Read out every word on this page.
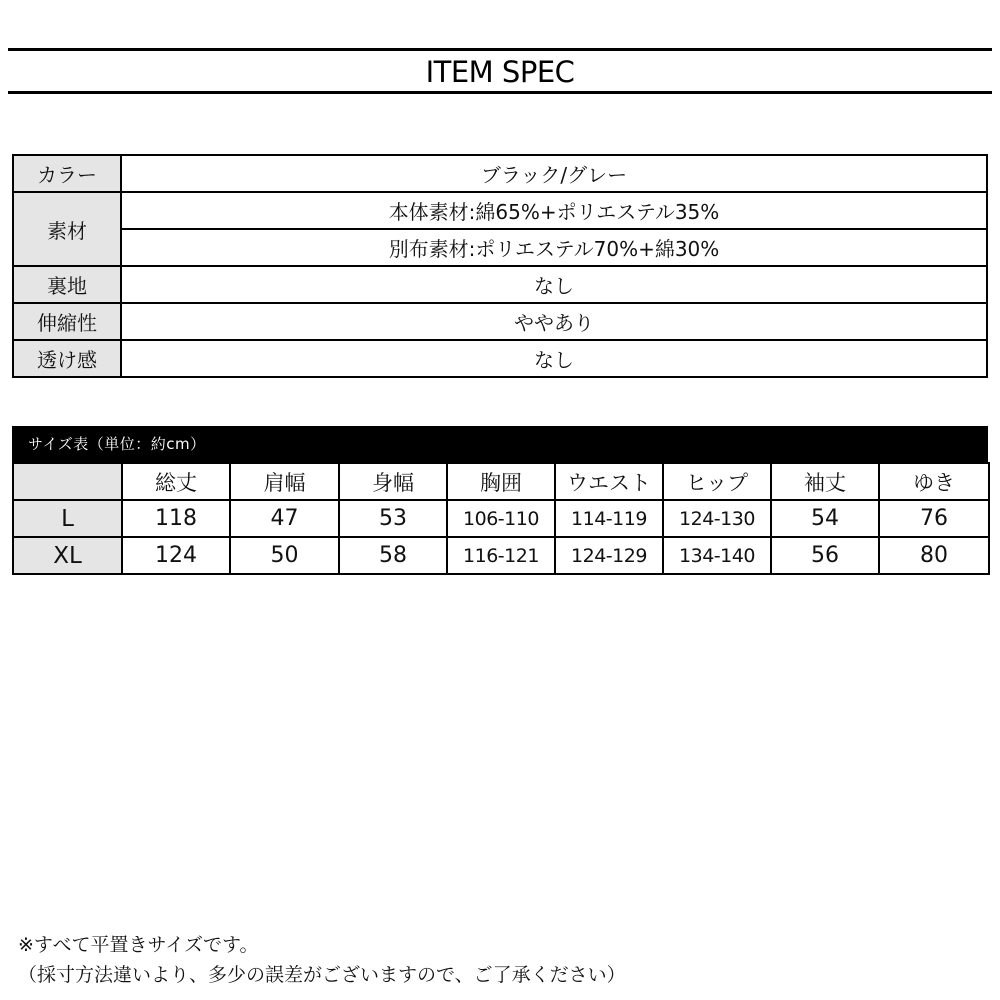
ITEM SPEC
カラー	ブラック/グレー
素材	本体素材:綿65%+ポリエステル35%
	別布素材:ポリエステル70%+綿30%
裏地	なし
伸縮性	ややあり
透け感	なし
サイズ表（単位：約cm）
	総丈	肩幅	身幅	胸囲	ウエスト	ヒップ	袖丈	ゆき
L	118	47	53	106-110	114-119	124-130	54	76
XL	124	50	58	116-121	124-129	134-140	56	80
※すべて平置きサイズです。
（採寸方法違いより、多少の誤差がございますので、ご了承ください）
